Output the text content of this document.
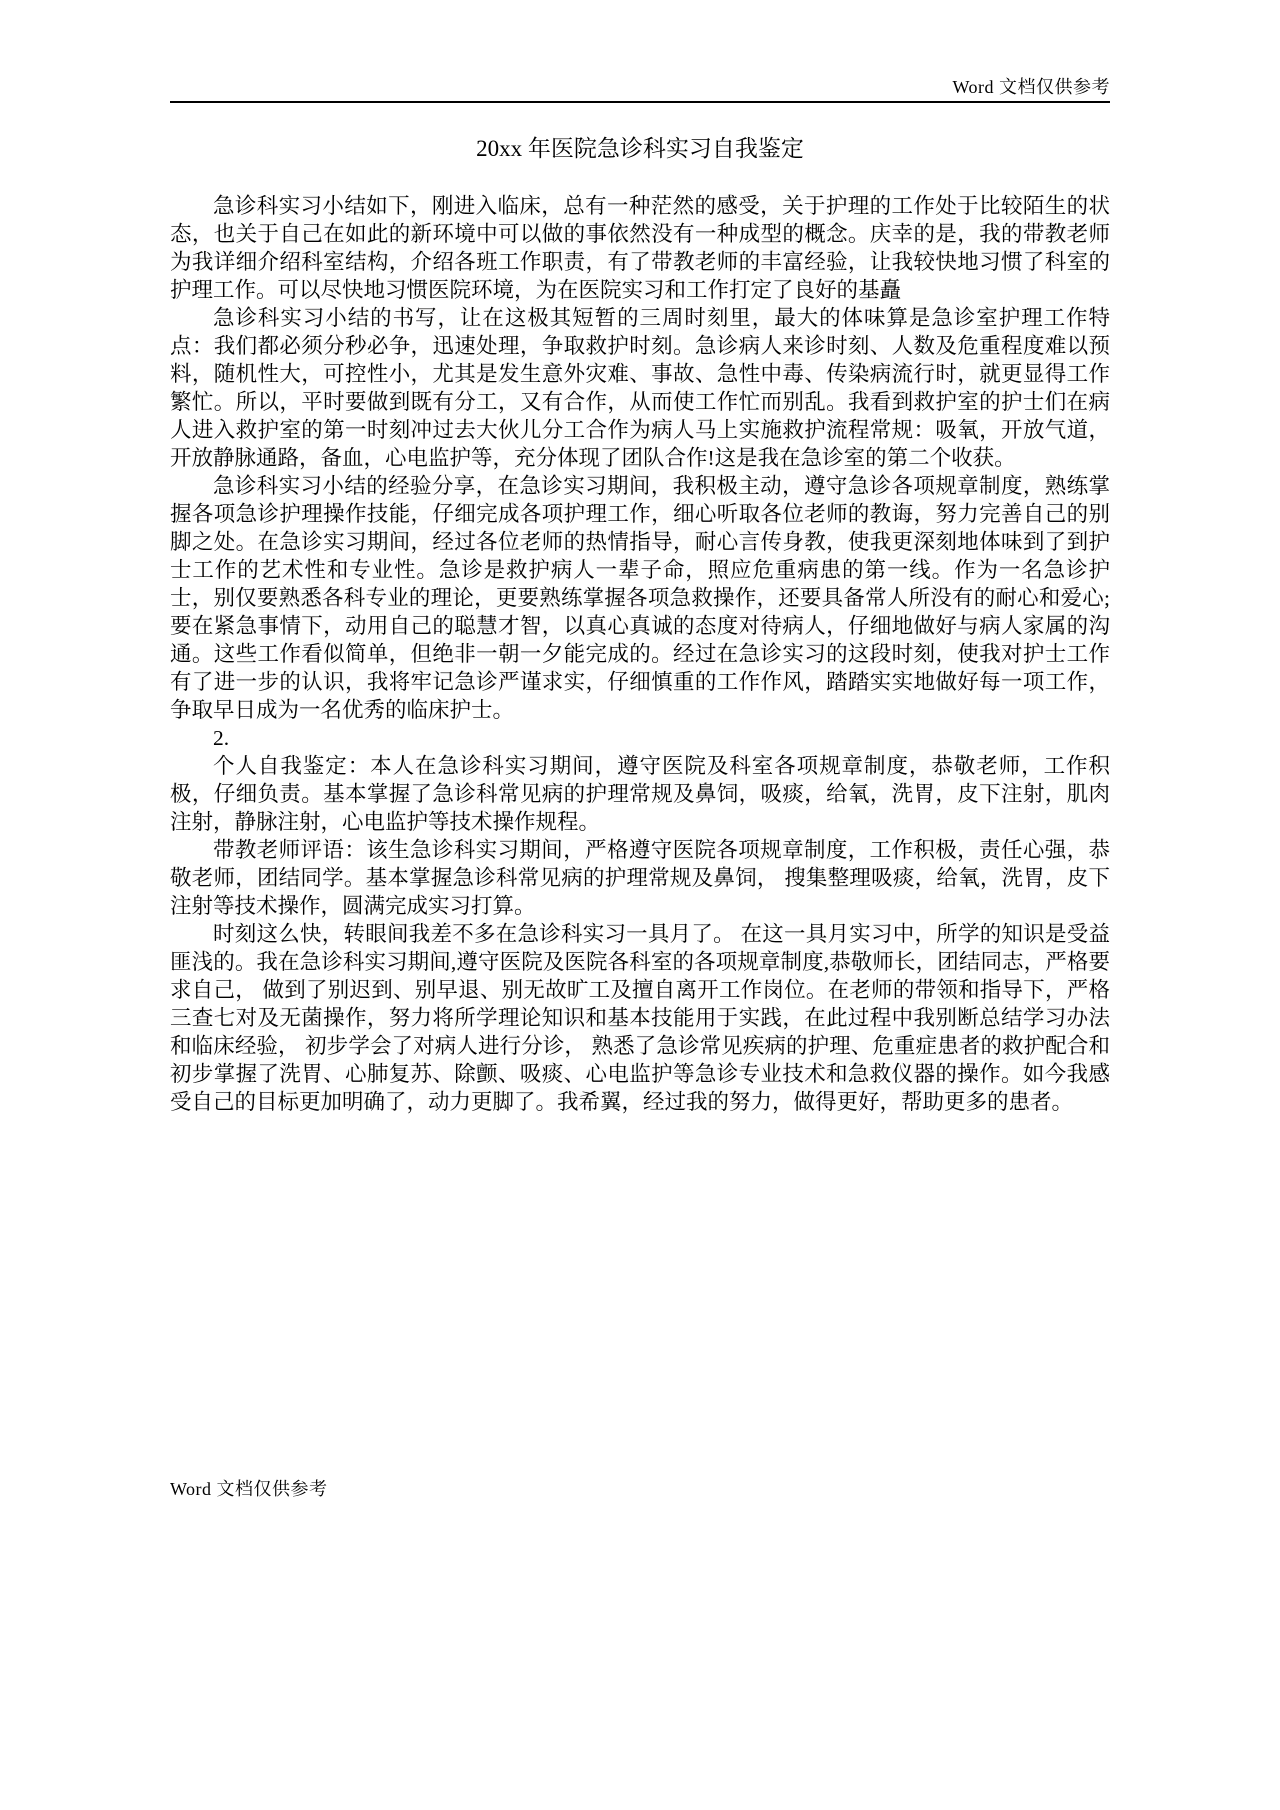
Word 文档仅供参考
20xx 年医院急诊科实习自我鉴定

急诊科实习小结如下，刚进入临床，总有一种茫然的感受，关于护理的工作处于比较陌生的状态，也关于自己在如此的新环境中可以做的事依然没有一种成型的概念。庆幸的是，我的带教老师为我详细介绍科室结构，介绍各班工作职责，有了带教老师的丰富经验，让我较快地习惯了科室的护理工作。可以尽快地习惯医院环境，为在医院实习和工作打定了良好的基矗

急诊科实习小结的书写，让在这极其短暂的三周时刻里，最大的体味算是急诊室护理工作特点：我们都必须分秒必争，迅速处理，争取救护时刻。急诊病人来诊时刻、人数及危重程度难以预料，随机性大，可控性小，尤其是发生意外灾难、事故、急性中毒、传染病流行时，就更显得工作繁忙。所以，平时要做到既有分工，又有合作，从而使工作忙而别乱。我看到救护室的护士们在病人进入救护室的第一时刻冲过去大伙儿分工合作为病人马上实施救护流程常规：吸氧，开放气道，开放静脉通路，备血，心电监护等，充分体现了团队合作!这是我在急诊室的第二个收获。

急诊科实习小结的经验分享，在急诊实习期间，我积极主动，遵守急诊各项规章制度，熟练掌握各项急诊护理操作技能，仔细完成各项护理工作，细心听取各位老师的教诲，努力完善自己的别脚之处。在急诊实习期间，经过各位老师的热情指导，耐心言传身教，使我更深刻地体味到了到护士工作的艺术性和专业性。急诊是救护病人一辈子命，照应危重病患的第一线。作为一名急诊护士，别仅要熟悉各科专业的理论，更要熟练掌握各项急救操作，还要具备常人所没有的耐心和爱心;要在紧急事情下，动用自己的聪慧才智，以真心真诚的态度对待病人，仔细地做好与病人家属的沟通。这些工作看似简单，但绝非一朝一夕能完成的。经过在急诊实习的这段时刻，使我对护士工作有了进一步的认识，我将牢记急诊严谨求实，仔细慎重的工作作风，踏踏实实地做好每一项工作，争取早日成为一名优秀的临床护士。

2.

个人自我鉴定：本人在急诊科实习期间，遵守医院及科室各项规章制度，恭敬老师，工作积极，仔细负责。基本掌握了急诊科常见病的护理常规及鼻饲，吸痰，给氧，洗胃，皮下注射，肌肉注射，静脉注射，心电监护等技术操作规程。

带教老师评语：该生急诊科实习期间，严格遵守医院各项规章制度，工作积极，责任心强，恭敬老师，团结同学。基本掌握急诊科常见病的护理常规及鼻饲， 搜集整理吸痰，给氧，洗胃，皮下注射等技术操作，圆满完成实习打算。

时刻这么快，转眼间我差不多在急诊科实习一具月了。 在这一具月实习中，所学的知识是受益匪浅的。我在急诊科实习期间,遵守医院及医院各科室的各项规章制度,恭敬师长，团结同志，严格要求自己， 做到了别迟到、别早退、别无故旷工及擅自离开工作岗位。在老师的带领和指导下，严格三查七对及无菌操作，努力将所学理论知识和基本技能用于实践，在此过程中我别断总结学习办法和临床经验， 初步学会了对病人进行分诊， 熟悉了急诊常见疾病的护理、危重症患者的救护配合和初步掌握了洗胃、心肺复苏、除颤、吸痰、心电监护等急诊专业技术和急救仪器的操作。如今我感受自己的目标更加明确了，动力更脚了。我希翼，经过我的努力，做得更好，帮助更多的患者。

Word 文档仅供参考
